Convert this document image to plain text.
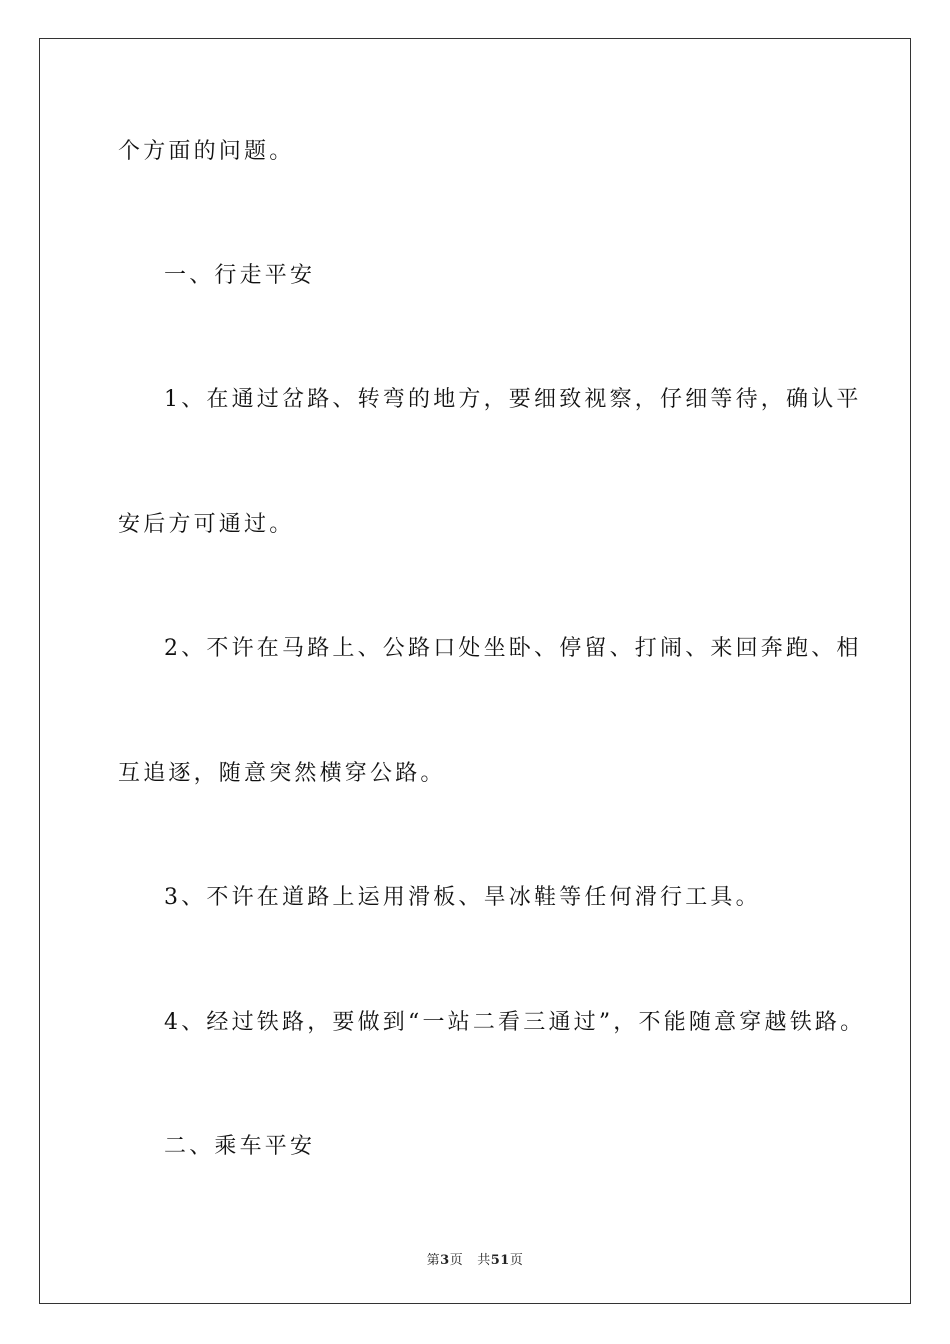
个方面的问题。
一、行走平安
1、在通过岔路、转弯的地方，要细致视察，仔细等待，确认平
安后方可通过。
2、不许在马路上、公路口处坐卧、停留、打闹、来回奔跑、相
互追逐，随意突然横穿公路。
3、不许在道路上运用滑板、旱冰鞋等任何滑行工具。
4、经过铁路，要做到“一站二看三通过”，不能随意穿越铁路。
二、乘车平安
第3页 共51页
